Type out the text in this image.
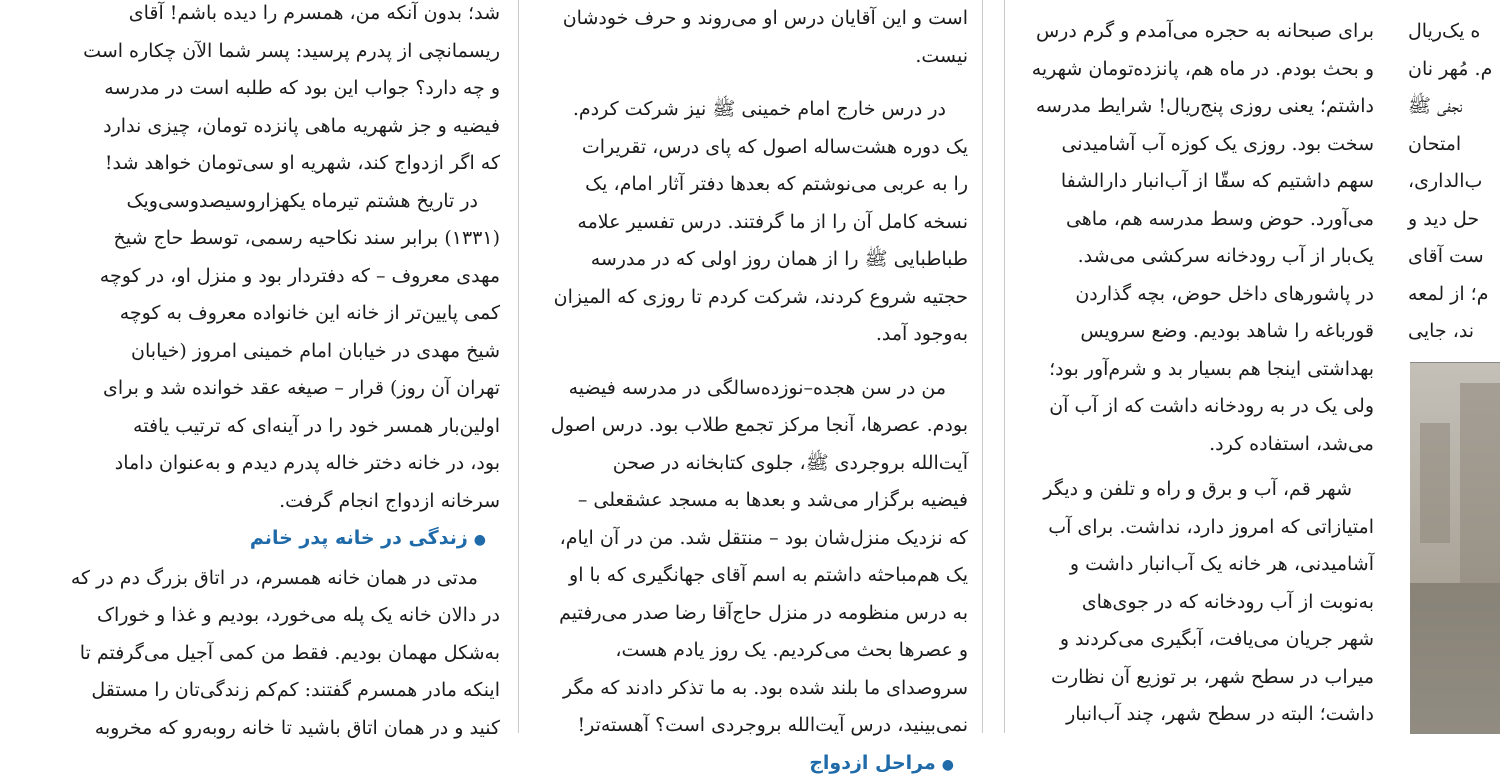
شد؛ بدون آنکه من، همسرم را دیده باشم! آقای

ریسمانچی از پدرم پرسید: پسر شما الآن چکاره است

و چه دارد؟ جواب این بود که طلبه است در مدرسه

فیضیه و جز شهریه ماهی پانزده تومان، چیزی ندارد

که اگر ازدواج کند، شهریه او سی‌تومان خواهد شد!

در تاریخ هشتم تیرماه یکهزاروسیصدوسی‌ویک

(۱۳۳۱) برابر سند نکاحیه رسمی، توسط حاج شیخ

مهدی معروف – که دفتردار بود و منزل او، در کوچه

کمی پایین‌تر از خانه این خانواده معروف به کوچه

شیخ مهدی در خیابان امام خمینی امروز (خیابان

تهران آن روز) قرار – صیغه عقد خوانده شد و برای

اولین‌بار همسر خود را در آینه‌ای که ترتیب یافته

بود، در خانه دختر خاله پدرم دیدم و به‌عنوان داماد

سرخانه ازدواج انجام گرفت.

●زندگی در خانه پدر خانم

مدتی در همان خانه همسرم، در اتاق بزرگ دم در که

در دالان خانه یک پله می‌خورد، بودیم و غذا و خوراک

به‌شکل مهمان بودیم. فقط من کمی آجیل می‌گرفتم تا

اینکه مادر همسرم گفتند: کم‌کم زندگی‌تان را مستقل

کنید و در همان اتاق باشید تا خانه روبه‌رو که مخروبه

است و این آقایان درس او می‌روند و حرف خودشان

نیست.

در درس خارج امام خمینی ﷺ نیز شرکت کردم.

یک دوره هشت‌ساله اصول که پای درس، تقریرات

را به عربی می‌نوشتم که بعدها دفتر آثار امام، یک

نسخه کامل آن را از ما گرفتند. درس تفسیر علامه

طباطبایی ﷺ را از همان روز اولی که در مدرسه

حجتیه شروع کردند، شرکت کردم تا روزی که المیزان

به‌وجود آمد.

من در سن هجده–نوزده‌سالگی در مدرسه فیضیه

بودم. عصرها، آنجا مرکز تجمع طلاب بود. درس اصول

آیت‌الله بروجردی ﷺ، جلوی کتابخانه در صحن

فیضیه برگزار می‌شد و بعدها به مسجد عشقعلی –

که نزدیک منزل‌شان بود – منتقل شد. من در آن ایام،

یک هم‌مباحثه داشتم به اسم آقای جهانگیری که با او

به درس منظومه در منزل حاج‌آقا رضا صدر می‌رفتیم

و عصرها بحث می‌کردیم. یک روز یادم هست،

سروصدای ما بلند شده بود. به ما تذکر دادند که مگر

نمی‌بینید، درس آیت‌الله بروجردی است؟ آهسته‌تر!

●مراحل ازدواج

برای صبحانه به حجره می‌آمدم و گرم درس

و بحث بودم. در ماه هم، پانزده‌تومان شهریه

داشتم؛ یعنی روزی پنج‌ریال! شرایط مدرسه

سخت بود. روزی یک کوزه آب آشامیدنی

سهم داشتیم که سقّا از آب‌انبار دارالشفا

می‌آورد. حوض وسط مدرسه هم، ماهی

یک‌بار از آب رودخانه سرکشی می‌شد.

در پاشورهای داخل حوض، بچه گذاردن

قورباغه را شاهد بودیم. وضع سرویس

بهداشتی اینجا هم بسیار بد و شرم‌آور بود؛

ولی یک در به رودخانه داشت که از آب آن

می‌شد، استفاده کرد.

شهر قم، آب و برق و راه و تلفن و دیگر

امتیازاتی که امروز دارد، نداشت. برای آب

آشامیدنی، هر خانه یک آب‌انبار داشت و

به‌نوبت از آب رودخانه که در جوی‌های

شهر جریان می‌یافت، آبگیری می‌کردند و

میراب در سطح شهر، بر توزیع آن نظارت

داشت؛ البته در سطح شهر، چند آب‌انبار

ه یک‌ریال

م. مُهر نان

نجفی ﷺ

امتحان

ب‌الداری،

حل دید و

ست آقای

م؛ از لمعه

ند، جایی
